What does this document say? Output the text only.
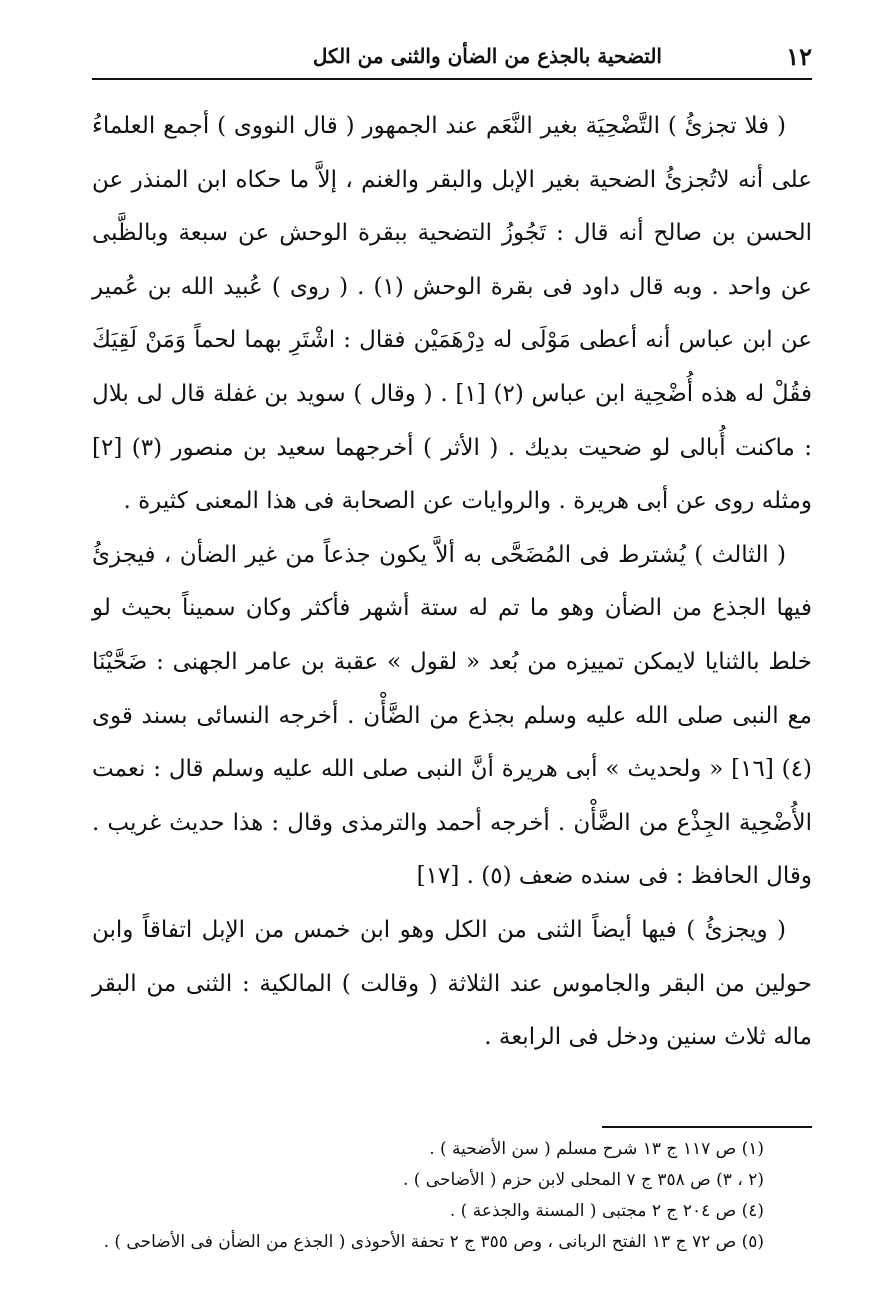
١٢
التضحية بالجذع من الضأن والثنى من الكل

( فلا تجزئُ ) التَّضْحِيَة بغير النَّعَم عند الجمهور ( قال النووى ) أجمع العلماءُ على أنه لاتُجزئُ الضحية بغير الإبل والبقر والغنم ، إلاَّ ما حكاه ابن المنذر عن الحسن بن صالح أنه قال : تَجُوزُ التضحية ببقرة الوحش عن سبعة وبالظَّبى عن واحد . وبه قال داود فى بقرة الوحش (١) . ( روى ) عُبيد الله بن عُمير عن ابن عباس أنه أعطى مَوْلَى له دِرْهَمَيْن فقال : اشْتَرِ بهما لحماً وَمَنْ لَقِيَكَ فقُلْ له هذه أُضْحِية ابن عباس (٢) [١] . ( وقال ) سويد بن غفلة قال لى بلال : ماكنت أُبالى لو ضحيت بديك . ( الأثر ) أخرجهما سعيد بن منصور (٣) [٢] ومثله روى عن أبى هريرة . والروايات عن الصحابة فى هذا المعنى كثيرة .

( الثالث ) يُشترط فى المُضَحَّى به ألاَّ يكون جذعاً من غير الضأن ، فيجزئُ فيها الجذع من الضأن وهو ما تم له ستة أشهر فأكثر وكان سميناً بحيث لو خلط بالثنايا لايمكن تمييزه من بُعد « لقول » عقبة بن عامر الجهنى : ضَحَّيْنَا مع النبى صلى الله عليه وسلم بجذع من الضَّأْن . أخرجه النسائى بسند قوى (٤) [١٦] « ولحديث » أبى هريرة أنَّ النبى صلى الله عليه وسلم قال : نعمت الأُضْحِية الجِذْع من الضَّأْن . أخرجه أحمد والترمذى وقال : هذا حديث غريب . وقال الحافظ : فى سنده ضعف (٥) . [١٧]

( ويجزئُ ) فيها أيضاً الثنى من الكل وهو ابن خمس من الإبل اتفاقاً وابن حولين من البقر والجاموس عند الثلاثة ( وقالت ) المالكية : الثنى من البقر ماله ثلاث سنين ودخل فى الرابعة .

(١) ص ١١٧ ج ١٣ شرح مسلم ( سن الأضحية ) .

(٢ ، ٣) ص ٣٥٨ ج ٧ المحلى لابن حزم ( الأضاحى ) .

(٤) ص ٢٠٤ ج ٢ مجتبى ( المسنة والجذعة ) .

(٥) ص ٧٢ ج ١٣ الفتح الربانى ، وص ٣٥٥ ج ٢ تحفة الأحوذى ( الجذع من الضأن فى الأضاحى ) .
